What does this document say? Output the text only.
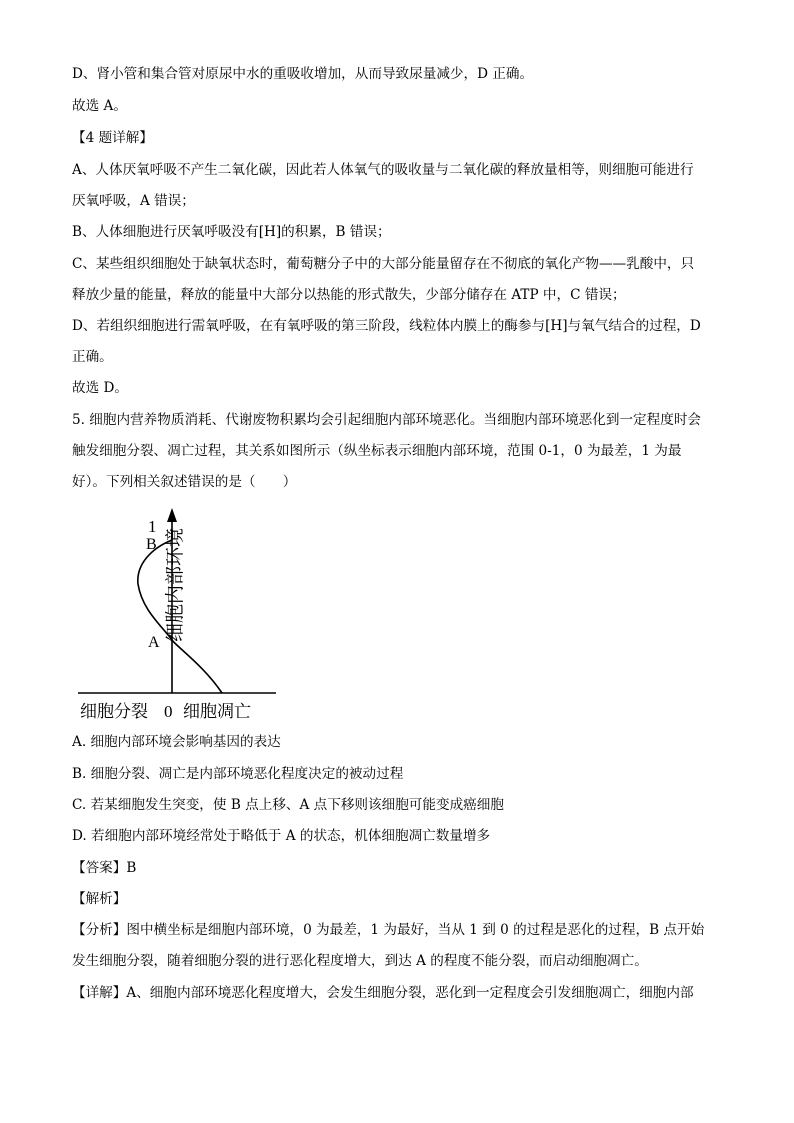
D、肾小管和集合管对原尿中水的重吸收增加，从而导致尿量减少，D 正确。
故选 A。
【4 题详解】
A、人体厌氧呼吸不产生二氧化碳，因此若人体氧气的吸收量与二氧化碳的释放量相等，则细胞可能进行
厌氧呼吸，A 错误；
B、人体细胞进行厌氧呼吸没有[H]的积累，B 错误；
C、某些组织细胞处于缺氧状态时，葡萄糖分子中的大部分能量留存在不彻底的氧化产物——乳酸中，只
释放少量的能量，释放的能量中大部分以热能的形式散失，少部分储存在 ATP 中，C 错误；
D、若组织细胞进行需氧呼吸，在有氧呼吸的第三阶段，线粒体内膜上的酶参与[H]与氧气结合的过程，D
正确。
故选 D。
5. 细胞内营养物质消耗、代谢废物积累均会引起细胞内部环境恶化。当细胞内部环境恶化到一定程度时会
触发细胞分裂、凋亡过程，其关系如图所示（纵坐标表示细胞内部环境，范围 0-1，0 为最差，1 为最
好）。下列相关叙述错误的是（　　）
1
B
A
细胞内部环境
细胞分裂 0 细胞凋亡
A. 细胞内部环境会影响基因的表达
B. 细胞分裂、凋亡是内部环境恶化程度决定的被动过程
C. 若某细胞发生突变，使 B 点上移、A 点下移则该细胞可能变成癌细胞
D. 若细胞内部环境经常处于略低于 A 的状态，机体细胞凋亡数量增多
【答案】B
【解析】
【分析】图中横坐标是细胞内部环境，0 为最差，1 为最好，当从 1 到 0 的过程是恶化的过程，B 点开始
发生细胞分裂，随着细胞分裂的进行恶化程度增大，到达 A 的程度不能分裂，而启动细胞凋亡。
【详解】A、细胞内部环境恶化程度增大，会发生细胞分裂，恶化到一定程度会引发细胞凋亡，细胞内部
